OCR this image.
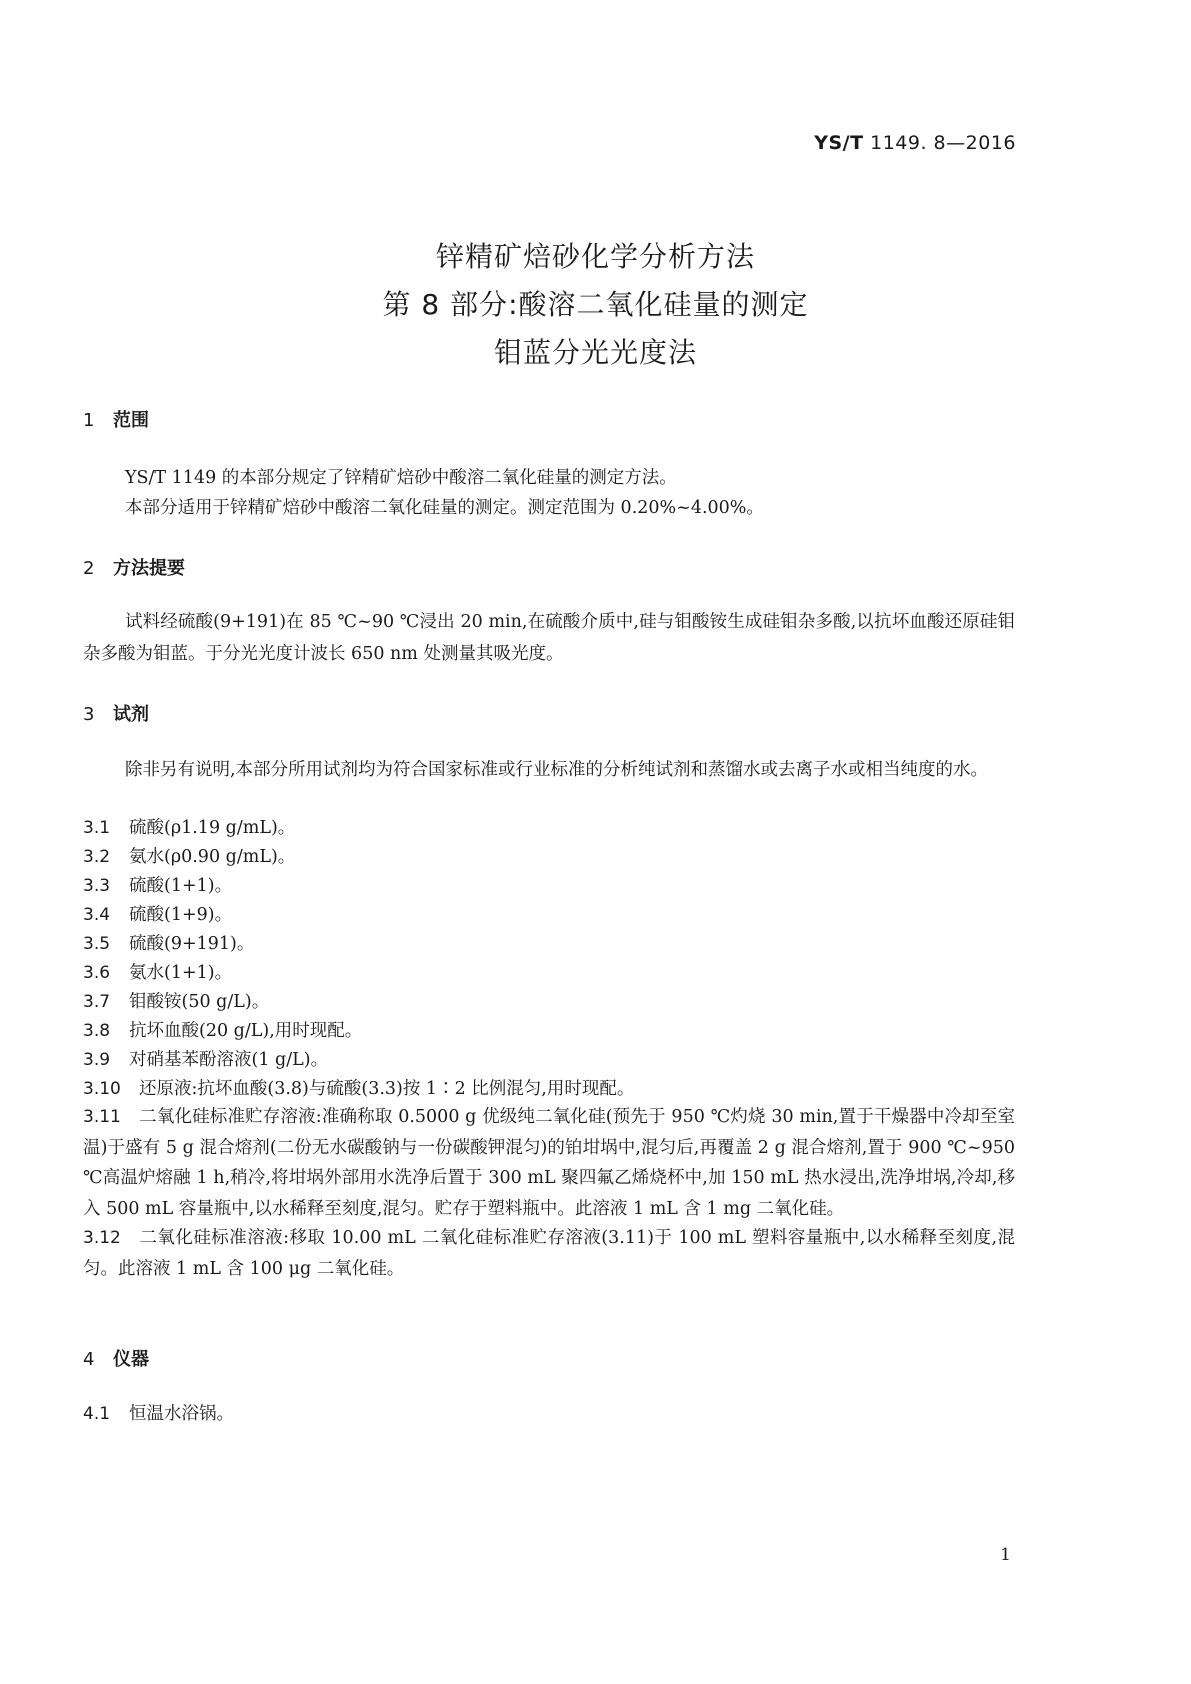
YS/T 1149. 8—2016
锌精矿焙砂化学分析方法
第 8 部分:酸溶二氧化硅量的测定
钼蓝分光光度法
1 范围
YS/T 1149 的本部分规定了锌精矿焙砂中酸溶二氧化硅量的测定方法。
本部分适用于锌精矿焙砂中酸溶二氧化硅量的测定。测定范围为 0.20%~4.00%。
2 方法提要
试料经硫酸(9+191)在 85 ℃~90 ℃浸出 20 min,在硫酸介质中,硅与钼酸铵生成硅钼杂多酸,以抗坏血酸还原硅钼杂多酸为钼蓝。于分光光度计波长 650 nm 处测量其吸光度。
3 试剂
除非另有说明,本部分所用试剂均为符合国家标准或行业标准的分析纯试剂和蒸馏水或去离子水或相当纯度的水。
3.1 硫酸(ρ1.19 g/mL)。
3.2 氨水(ρ0.90 g/mL)。
3.3 硫酸(1+1)。
3.4 硫酸(1+9)。
3.5 硫酸(9+191)。
3.6 氨水(1+1)。
3.7 钼酸铵(50 g/L)。
3.8 抗坏血酸(20 g/L),用时现配。
3.9 对硝基苯酚溶液(1 g/L)。
3.10 还原液:抗坏血酸(3.8)与硫酸(3.3)按 1∶2 比例混匀,用时现配。
3.11 二氧化硅标准贮存溶液:准确称取 0.5000 g 优级纯二氧化硅(预先于 950 ℃灼烧 30 min,置于干燥器中冷却至室温)于盛有 5 g 混合熔剂(二份无水碳酸钠与一份碳酸钾混匀)的铂坩埚中,混匀后,再覆盖 2 g 混合熔剂,置于 900 ℃~950 ℃高温炉熔融 1 h,稍冷,将坩埚外部用水洗净后置于 300 mL 聚四氟乙烯烧杯中,加 150 mL 热水浸出,洗净坩埚,冷却,移入 500 mL 容量瓶中,以水稀释至刻度,混匀。贮存于塑料瓶中。此溶液 1 mL 含 1 mg 二氧化硅。
3.12 二氧化硅标准溶液:移取 10.00 mL 二氧化硅标准贮存溶液(3.11)于 100 mL 塑料容量瓶中,以水稀释至刻度,混匀。此溶液 1 mL 含 100 μg 二氧化硅。
4 仪器
4.1 恒温水浴锅。
1
